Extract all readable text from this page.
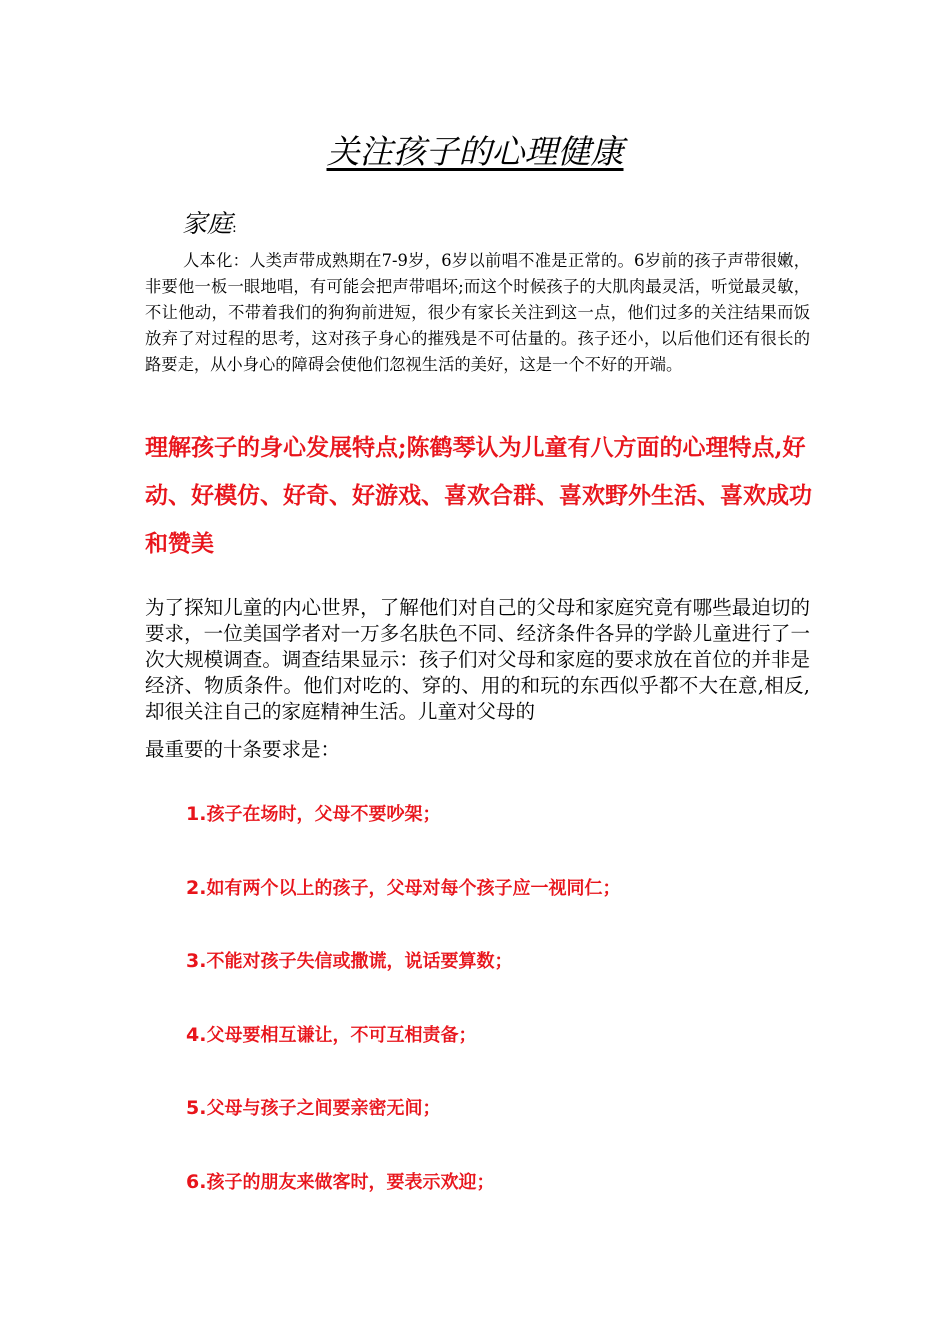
关注孩子的心理健康
家庭:

人本化：人类声带成熟期在7-9岁，6岁以前唱不准是正常的。6岁前的孩子声带很嫩，非要他一板一眼地唱，有可能会把声带唱坏;而这个时候孩子的大肌肉最灵活，听觉最灵敏，不让他动，不带着我们的狗狗前进短，很少有家长关注到这一点，他们过多的关注结果而饭放弃了对过程的思考，这对孩子身心的摧残是不可估量的。孩子还小，以后他们还有很长的路要走，从小身心的障碍会使他们忽视生活的美好，这是一个不好的开端。

理解孩子的身心发展特点;陈鹤琴认为儿童有八方面的心理特点,好动、好模仿、好奇、好游戏、喜欢合群、喜欢野外生活、喜欢成功和赞美

为了探知儿童的内心世界，了解他们对自己的父母和家庭究竟有哪些最迫切的要求，一位美国学者对一万多名肤色不同、经济条件各异的学龄儿童进行了一次大规模调查。调查结果显示：孩子们对父母和家庭的要求放在首位的并非是经济、物质条件。他们对吃的、穿的、用的和玩的东西似乎都不大在意,相反,却很关注自己的家庭精神生活。儿童对父母的
最重要的十条要求是：

1.孩子在场时，父母不要吵架；
2.如有两个以上的孩子，父母对每个孩子应一视同仁；
3.不能对孩子失信或撒谎，说话要算数；
4.父母要相互谦让，不可互相责备；
5.父母与孩子之间要亲密无间；
6.孩子的朋友来做客时，要表示欢迎；
